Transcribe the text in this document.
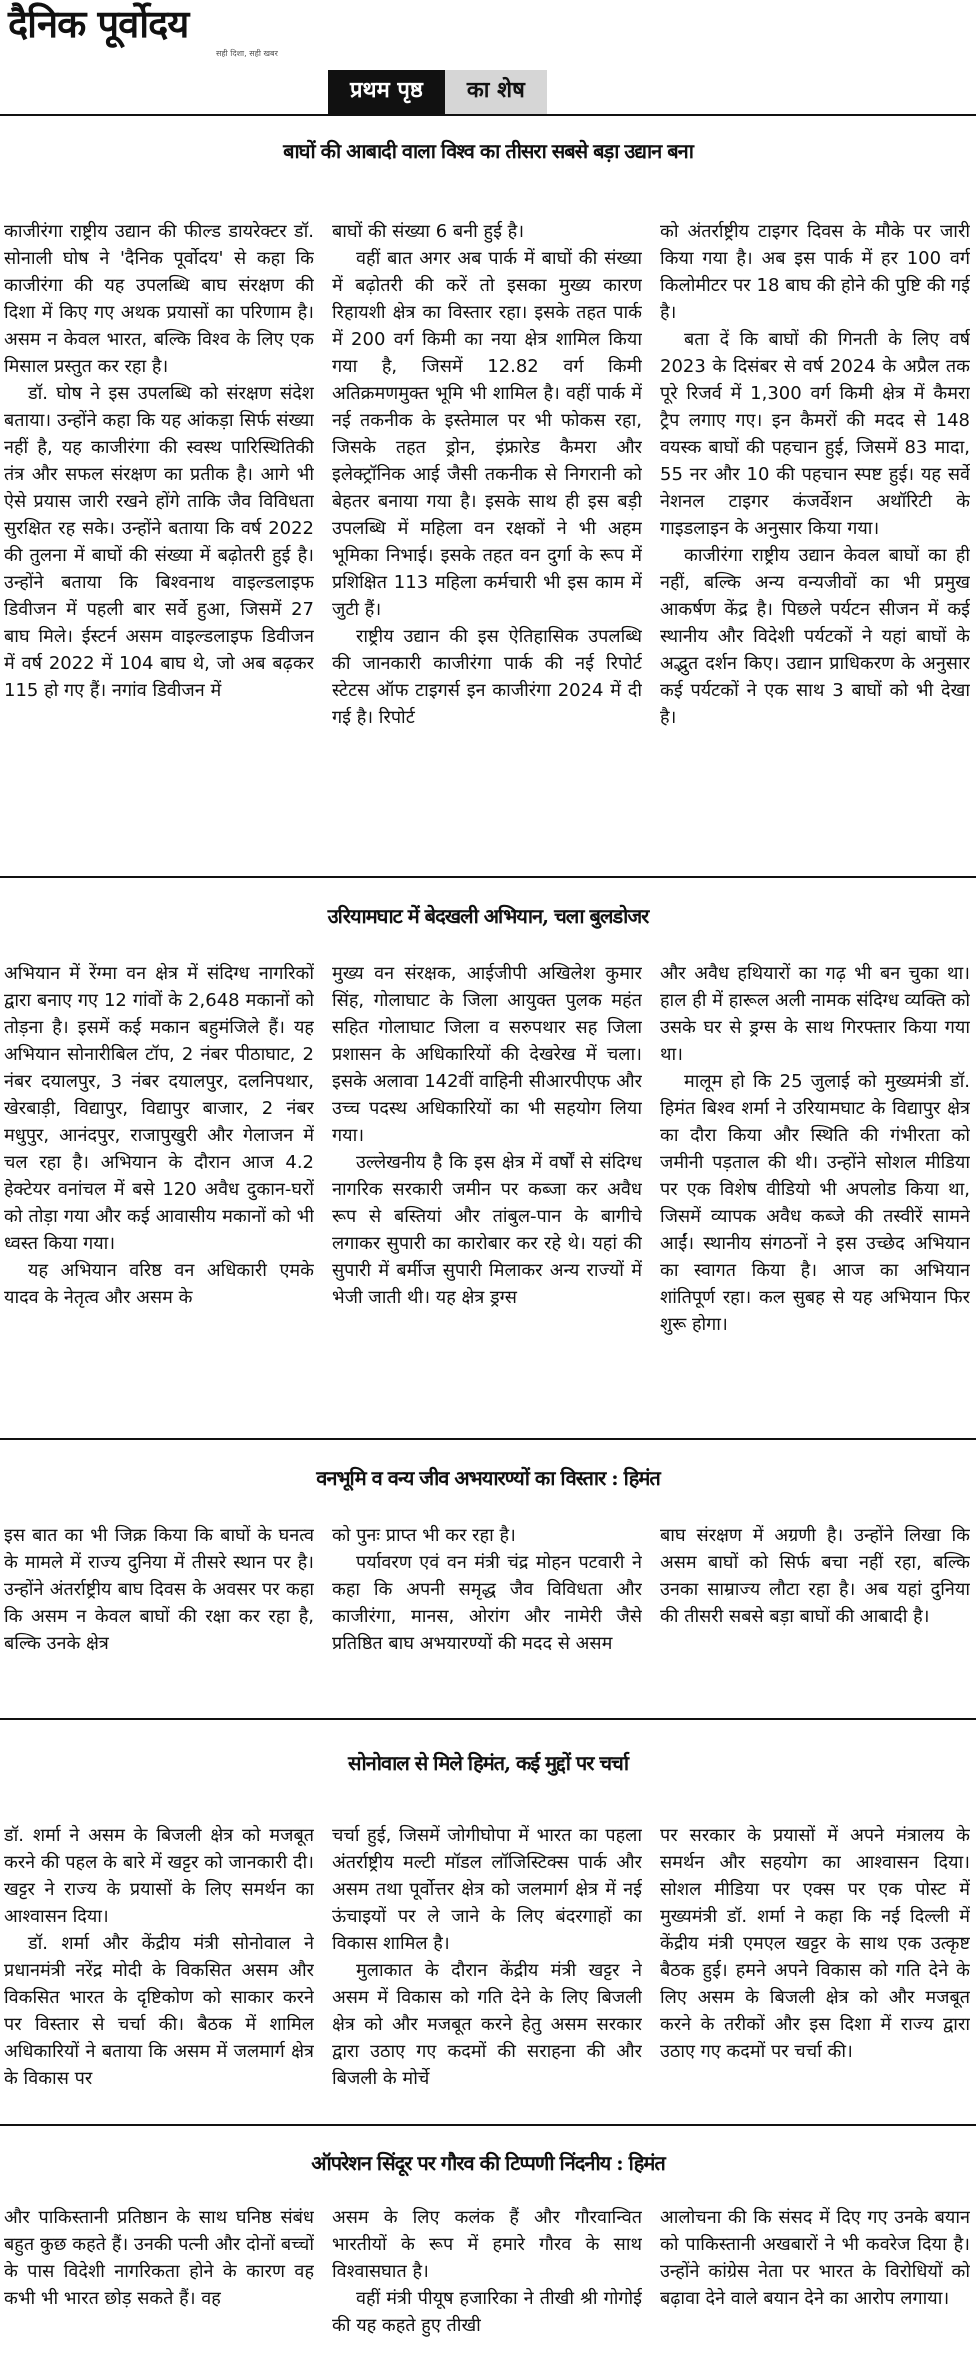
दैनिक पूर्वोदय
सही दिशा, सही खबर
प्रथम पृष्ठ	का शेष
बाघों की आबादी वाला विश्व का तीसरा सबसे बड़ा उद्यान बना

काजीरंगा राष्ट्रीय उद्यान की फील्ड डायरेक्टर डॉ. सोनाली घोष ने 'दैनिक पूर्वोदय' से कहा कि काजीरंगा की यह उपलब्धि बाघ संरक्षण की दिशा में किए गए अथक प्रयासों का परिणाम है। असम न केवल भारत, बल्कि विश्व के लिए एक मिसाल प्रस्तुत कर रहा है।

डॉ. घोष ने इस उपलब्धि को संरक्षण संदेश बताया। उन्होंने कहा कि यह आंकड़ा सिर्फ संख्या नहीं है, यह काजीरंगा की स्वस्थ पारिस्थितिकी तंत्र और सफल संरक्षण का प्रतीक है। आगे भी ऐसे प्रयास जारी रखने होंगे ताकि जैव विविधता सुरक्षित रह सके। उन्होंने बताया कि वर्ष 2022 की तुलना में बाघों की संख्या में बढ़ोतरी हुई है। उन्होंने बताया कि बिश्वनाथ वाइल्डलाइफ डिवीजन में पहली बार सर्वे हुआ, जिसमें 27 बाघ मिले। ईस्टर्न असम वाइल्डलाइफ डिवीजन में वर्ष 2022 में 104 बाघ थे, जो अब बढ़कर 115 हो गए हैं। नगांव डिवीजन में

बाघों की संख्या 6 बनी हुई है।

वहीं बात अगर अब पार्क में बाघों की संख्या में बढ़ोतरी की करें तो इसका मुख्य कारण रिहायशी क्षेत्र का विस्तार रहा। इसके तहत पार्क में 200 वर्ग किमी का नया क्षेत्र शामिल किया गया है, जिसमें 12.82 वर्ग किमी अतिक्रमणमुक्त भूमि भी शामिल है। वहीं पार्क में नई तकनीक के इस्तेमाल पर भी फोकस रहा, जिसके तहत ड्रोन, इंफ्रारेड कैमरा और इलेक्ट्रॉनिक आई जैसी तकनीक से निगरानी को बेहतर बनाया गया है। इसके साथ ही इस बड़ी उपलब्धि में महिला वन रक्षकों ने भी अहम भूमिका निभाई। इसके तहत वन दुर्गा के रूप में प्रशिक्षित 113 महिला कर्मचारी भी इस काम में जुटी हैं।

राष्ट्रीय उद्यान की इस ऐतिहासिक उपलब्धि की जानकारी काजीरंगा पार्क की नई रिपोर्ट स्टेटस ऑफ टाइगर्स इन काजीरंगा 2024 में दी गई है। रिपोर्ट

को अंतर्राष्ट्रीय टाइगर दिवस के मौके पर जारी किया गया है। अब इस पार्क में हर 100 वर्ग किलोमीटर पर 18 बाघ की होने की पुष्टि की गई है।

बता दें कि बाघों की गिनती के लिए वर्ष 2023 के दिसंबर से वर्ष 2024 के अप्रैल तक पूरे रिजर्व में 1,300 वर्ग किमी क्षेत्र में कैमरा ट्रैप लगाए गए। इन कैमरों की मदद से 148 वयस्क बाघों की पहचान हुई, जिसमें 83 मादा, 55 नर और 10 की पहचान स्पष्ट हुई। यह सर्वे नेशनल टाइगर कंजर्वेशन अथॉरिटी के गाइडलाइन के अनुसार किया गया।

काजीरंगा राष्ट्रीय उद्यान केवल बाघों का ही नहीं, बल्कि अन्य वन्यजीवों का भी प्रमुख आकर्षण केंद्र है। पिछले पर्यटन सीजन में कई स्थानीय और विदेशी पर्यटकों ने यहां बाघों के अद्भुत दर्शन किए। उद्यान प्राधिकरण के अनुसार कई पर्यटकों ने एक साथ 3 बाघों को भी देखा है।

उरियामघाट में बेदखली अभियान, चला बुलडोजर

अभियान में रेंग्मा वन क्षेत्र में संदिग्ध नागरिकों द्वारा बनाए गए 12 गांवों के 2,648 मकानों को तोड़ना है। इसमें कई मकान बहुमंजिले हैं। यह अभियान सोनारीबिल टॉप, 2 नंबर पीठाघाट, 2 नंबर दयालपुर, 3 नंबर दयालपुर, दलनिपथार, खेरबाड़ी, विद्यापुर, विद्यापुर बाजार, 2 नंबर मधुपुर, आनंदपुर, राजापुखुरी और गेलाजन में चल रहा है। अभियान के दौरान आज 4.2 हेक्टेयर वनांचल में बसे 120 अवैध दुकान-घरों को तोड़ा गया और कई आवासीय मकानों को भी ध्वस्त किया गया।

यह अभियान वरिष्ठ वन अधिकारी एमके यादव के नेतृत्व और असम के

मुख्य वन संरक्षक, आईजीपी अखिलेश कुमार सिंह, गोलाघाट के जिला आयुक्त पुलक महंत सहित गोलाघाट जिला व सरुपथार सह जिला प्रशासन के अधिकारियों की देखरेख में चला। इसके अलावा 142वीं वाहिनी सीआरपीएफ और उच्च पदस्थ अधिकारियों का भी सहयोग लिया गया।

उल्लेखनीय है कि इस क्षेत्र में वर्षों से संदिग्ध नागरिक सरकारी जमीन पर कब्जा कर अवैध रूप से बस्तियां और तांबुल-पान के बागीचे लगाकर सुपारी का कारोबार कर रहे थे। यहां की सुपारी में बर्मीज सुपारी मिलाकर अन्य राज्यों में भेजी जाती थी। यह क्षेत्र ड्रग्स

और अवैध हथियारों का गढ़ भी बन चुका था। हाल ही में हारूल अली नामक संदिग्ध व्यक्ति को उसके घर से ड्रग्स के साथ गिरफ्तार किया गया था।

मालूम हो कि 25 जुलाई को मुख्यमंत्री डॉ. हिमंत बिश्व शर्मा ने उरियामघाट के विद्यापुर क्षेत्र का दौरा किया और स्थिति की गंभीरता को जमीनी पड़ताल की थी। उन्होंने सोशल मीडिया पर एक विशेष वीडियो भी अपलोड किया था, जिसमें व्यापक अवैध कब्जे की तस्वीरें सामने आईं। स्थानीय संगठनों ने इस उच्छेद अभियान का स्वागत किया है। आज का अभियान शांतिपूर्ण रहा। कल सुबह से यह अभियान फिर शुरू होगा।

वनभूमि व वन्य जीव अभयारण्यों का विस्तार : हिमंत

इस बात का भी जिक्र किया कि बाघों के घनत्व के मामले में राज्य दुनिया में तीसरे स्थान पर है। उन्होंने अंतर्राष्ट्रीय बाघ दिवस के अवसर पर कहा कि असम न केवल बाघों की रक्षा कर रहा है, बल्कि उनके क्षेत्र

को पुनः प्राप्त भी कर रहा है।

पर्यावरण एवं वन मंत्री चंद्र मोहन पटवारी ने कहा कि अपनी समृद्ध जैव विविधता और काजीरंगा, मानस, ओरांग और नामेरी जैसे प्रतिष्ठित बाघ अभयारण्यों की मदद से असम

बाघ संरक्षण में अग्रणी है। उन्होंने लिखा कि असम बाघों को सिर्फ बचा नहीं रहा, बल्कि उनका साम्राज्य लौटा रहा है। अब यहां दुनिया की तीसरी सबसे बड़ा बाघों की आबादी है।

सोनोवाल से मिले हिमंत, कई मुद्दों पर चर्चा

डॉ. शर्मा ने असम के बिजली क्षेत्र को मजबूत करने की पहल के बारे में खट्टर को जानकारी दी। खट्टर ने राज्य के प्रयासों के लिए समर्थन का आश्वासन दिया।

डॉ. शर्मा और केंद्रीय मंत्री सोनोवाल ने प्रधानमंत्री नरेंद्र मोदी के विकसित असम और विकसित भारत के दृष्टिकोण को साकार करने पर विस्तार से चर्चा की। बैठक में शामिल अधिकारियों ने बताया कि असम में जलमार्ग क्षेत्र के विकास पर

चर्चा हुई, जिसमें जोगीघोपा में भारत का पहला अंतर्राष्ट्रीय मल्टी मॉडल लॉजिस्टिक्स पार्क और असम तथा पूर्वोत्तर क्षेत्र को जलमार्ग क्षेत्र में नई ऊंचाइयों पर ले जाने के लिए बंदरगाहों का विकास शामिल है।

मुलाकात के दौरान केंद्रीय मंत्री खट्टर ने असम में विकास को गति देने के लिए बिजली क्षेत्र को और मजबूत करने हेतु असम सरकार द्वारा उठाए गए कदमों की सराहना की और बिजली के मोर्चे

पर सरकार के प्रयासों में अपने मंत्रालय के समर्थन और सहयोग का आश्वासन दिया। सोशल मीडिया पर एक्स पर एक पोस्ट में मुख्यमंत्री डॉ. शर्मा ने कहा कि नई दिल्ली में केंद्रीय मंत्री एमएल खट्टर के साथ एक उत्कृष्ट बैठक हुई। हमने अपने विकास को गति देने के लिए असम के बिजली क्षेत्र को और मजबूत करने के तरीकों और इस दिशा में राज्य द्वारा उठाए गए कदमों पर चर्चा की।

ऑपरेशन सिंदूर पर गौरव की टिप्पणी निंदनीय : हिमंत

और पाकिस्तानी प्रतिष्ठान के साथ घनिष्ठ संबंध बहुत कुछ कहते हैं। उनकी पत्नी और दोनों बच्चों के पास विदेशी नागरिकता होने के कारण वह कभी भी भारत छोड़ सकते हैं। वह

असम के लिए कलंक हैं और गौरवान्वित भारतीयों के रूप में हमारे गौरव के साथ विश्वासघात है।

वहीं मंत्री पीयूष हजारिका ने तीखी श्री गोगोई की यह कहते हुए तीखी

आलोचना की कि संसद में दिए गए उनके बयान को पाकिस्तानी अखबारों ने भी कवरेज दिया है। उन्होंने कांग्रेस नेता पर भारत के विरोधियों को बढ़ावा देने वाले बयान देने का आरोप लगाया।
